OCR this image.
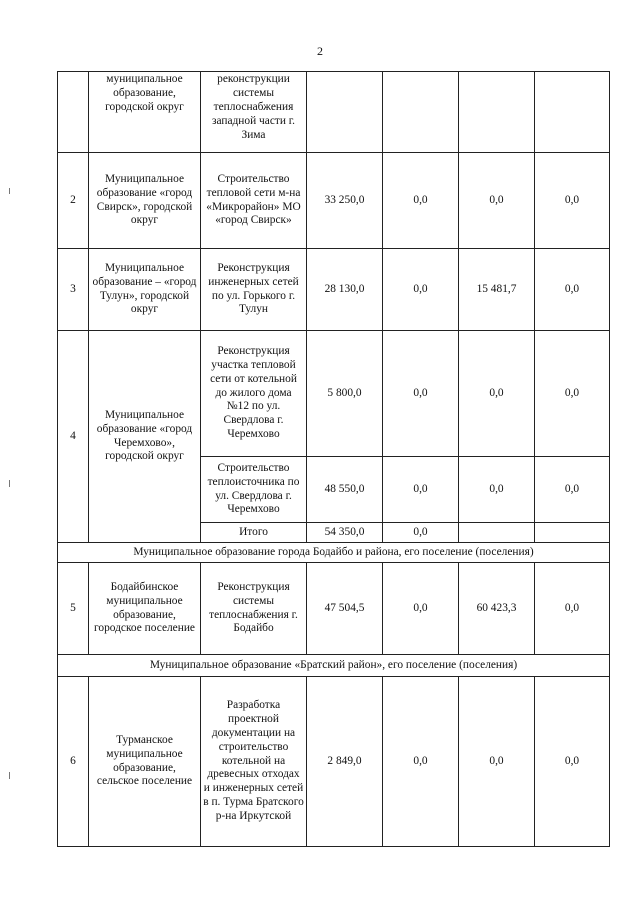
2
	муниципальное образование, городской округ	реконструкции системы теплоснабжения западной части г. Зима				
2	Муниципальное образование «город Свирск», городской округ	Строительство тепловой сети м-на «Микрорайон» МО «город Свирск»	33 250,0	0,0	0,0	0,0
3	Муниципальное образование – «город Тулун», городской округ	Реконструкция инженерных сетей по ул. Горького г. Тулун	28 130,0	0,0	15 481,7	0,0
4	Муниципальное образование «город Черемхово», городской округ	Реконструкция участка тепловой сети от котельной до жилого дома №12 по ул. Свердлова г. Черемхово	5 800,0	0,0	0,0	0,0
		Строительство теплоисточника по ул. Свердлова г. Черемхово	48 550,0	0,0	0,0	0,0
		Итого	54 350,0	0,0		
Муниципальное образование города Бодайбо и района, его поселение (поселения)						
5	Бодайбинское муниципальное образование, городское поселение	Реконструкция системы теплоснабжения г. Бодайбо	47 504,5	0,0	60 423,3	0,0
Муниципальное образование «Братский район», его поселение (поселения)						
6	Турманское муниципальное образование, сельское поселение	Разработка проектной документации на строительство котельной на древесных отходах и инженерных сетей в п. Турма Братского р-на Иркутской	2 849,0	0,0	0,0	0,0
